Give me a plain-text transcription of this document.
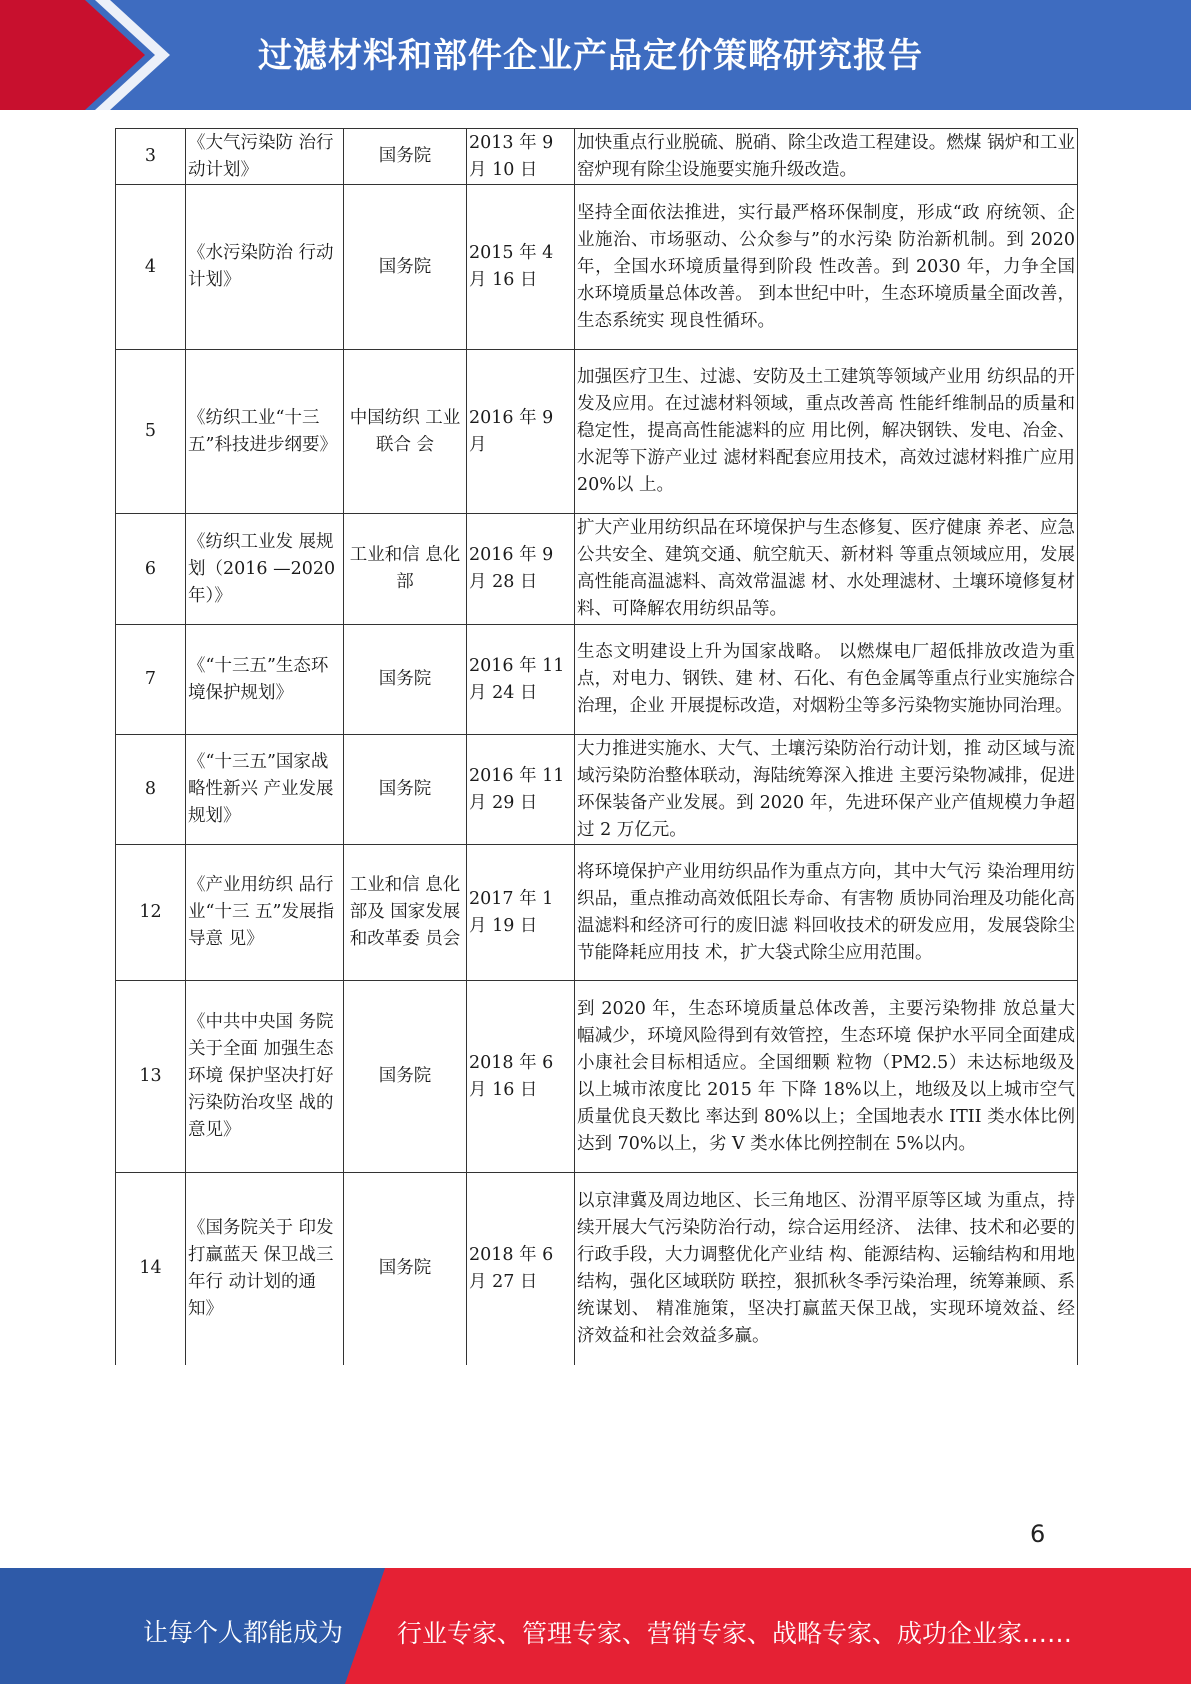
过滤材料和部件企业产品定价策略研究报告
3	《大气污染防 治行动计划》	国务院	2013 年 9 月 10 日	加快重点行业脱硫、脱硝、除尘改造工程建设。燃煤 锅炉和工业窑炉现有除尘设施要实施升级改造。
4	《水污染防治 行动计划》	国务院	2015 年 4 月 16 日	坚持全面依法推进，实行最严格环保制度，形成“政 府统领、企业施治、市场驱动、公众参与”的水污染 防治新机制。到 2020 年，全国水环境质量得到阶段 性改善。到 2030 年，力争全国水环境质量总体改善。 到本世纪中叶，生态环境质量全面改善，生态系统实 现良性循环。
5	《纺织工业“十三五”科技进步纲要》	中国纺织 工业联合 会	2016 年 9 月	加强医疗卫生、过滤、安防及土工建筑等领域产业用 纺织品的开发及应用。在过滤材料领域，重点改善高 性能纤维制品的质量和稳定性，提高高性能滤料的应 用比例，解决钢铁、发电、冶金、水泥等下游产业过 滤材料配套应用技术，高效过滤材料推广应用 20%以 上。
6	《纺织工业发 展规划（2016 —2020 年）》	工业和信 息化部	2016 年 9 月 28 日	扩大产业用纺织品在环境保护与生态修复、医疗健康 养老、应急公共安全、建筑交通、航空航天、新材料 等重点领域应用，发展高性能高温滤料、高效常温滤 材、水处理滤材、土壤环境修复材料、可降解农用纺织品等。
7	《“十三五”生态环境保护规划》	国务院	2016 年 11 月 24 日	生态文明建设上升为国家战略。 以燃煤电厂超低排放改造为重点，对电力、钢铁、建 材、石化、有色金属等重点行业实施综合治理，企业 开展提标改造，对烟粉尘等多污染物实施协同治理。
8	《“十三五”国家战略性新兴 产业发展规划》	国务院	2016 年 11 月 29 日	大力推进实施水、大气、土壤污染防治行动计划，推 动区域与流域污染防治整体联动，海陆统筹深入推进 主要污染物减排，促进环保装备产业发展。到 2020 年，先进环保产业产值规模力争超过 2 万亿元。
12	《产业用纺织 品行业“十三 五”发展指导意 见》	工业和信 息化部及 国家发展 和改革委 员会	2017 年 1 月 19 日	将环境保护产业用纺织品作为重点方向，其中大气污 染治理用纺织品，重点推动高效低阻长寿命、有害物 质协同治理及功能化高温滤料和经济可行的废旧滤 料回收技术的研发应用，发展袋除尘节能降耗应用技 术，扩大袋式除尘应用范围。
13	《中共中央国 务院关于全面 加强生态环境 保护坚决打好 污染防治攻坚 战的意见》	国务院	2018 年 6 月 16 日	到 2020 年，生态环境质量总体改善，主要污染物排 放总量大幅减少，环境风险得到有效管控，生态环境 保护水平同全面建成小康社会目标相适应。全国细颗 粒物（PM2.5）未达标地级及以上城市浓度比 2015 年 下降 18%以上，地级及以上城市空气质量优良天数比 率达到 80%以上；全国地表水 ITII 类水体比例达到 70%以上，劣 V 类水体比例控制在 5%以内。
14	《国务院关于 印发打赢蓝天 保卫战三年行 动计划的通知》	国务院	2018 年 6 月 27 日	以京津冀及周边地区、长三角地区、汾渭平原等区域 为重点，持续开展大气污染防治行动，综合运用经济、 法律、技术和必要的行政手段，大力调整优化产业结 构、能源结构、运输结构和用地结构，强化区域联防 联控，狠抓秋冬季污染治理，统筹兼顾、系统谋划、 精准施策，坚决打赢蓝天保卫战，实现环境效益、经 济效益和社会效益多赢。
6
让每个人都能成为 行业专家、管理专家、营销专家、战略专家、成功企业家……
